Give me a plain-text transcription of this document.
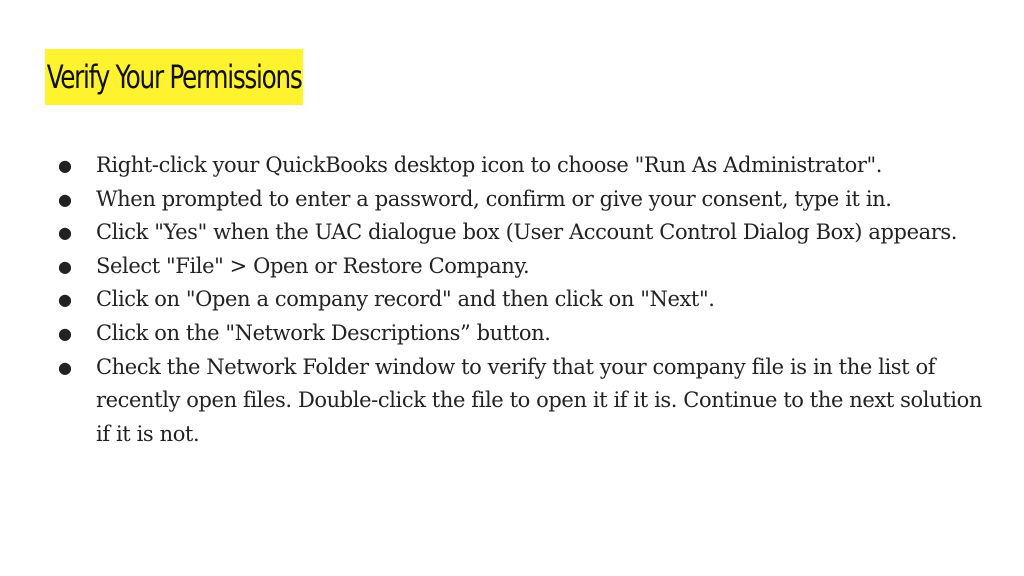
Verify Your Permissions
● Right-click your QuickBooks desktop icon to choose "Run As Administrator".
● When prompted to enter a password, confirm or give your consent, type it in.
● Click "Yes" when the UAC dialogue box (User Account Control Dialog Box) appears.
● Select "File" > Open or Restore Company.
● Click on "Open a company record" and then click on "Next".
● Click on the "Network Descriptions” button.
● Check the Network Folder window to verify that your company file is in the list of recently open files. Double-click the file to open it if it is. Continue to the next solution if it is not.
